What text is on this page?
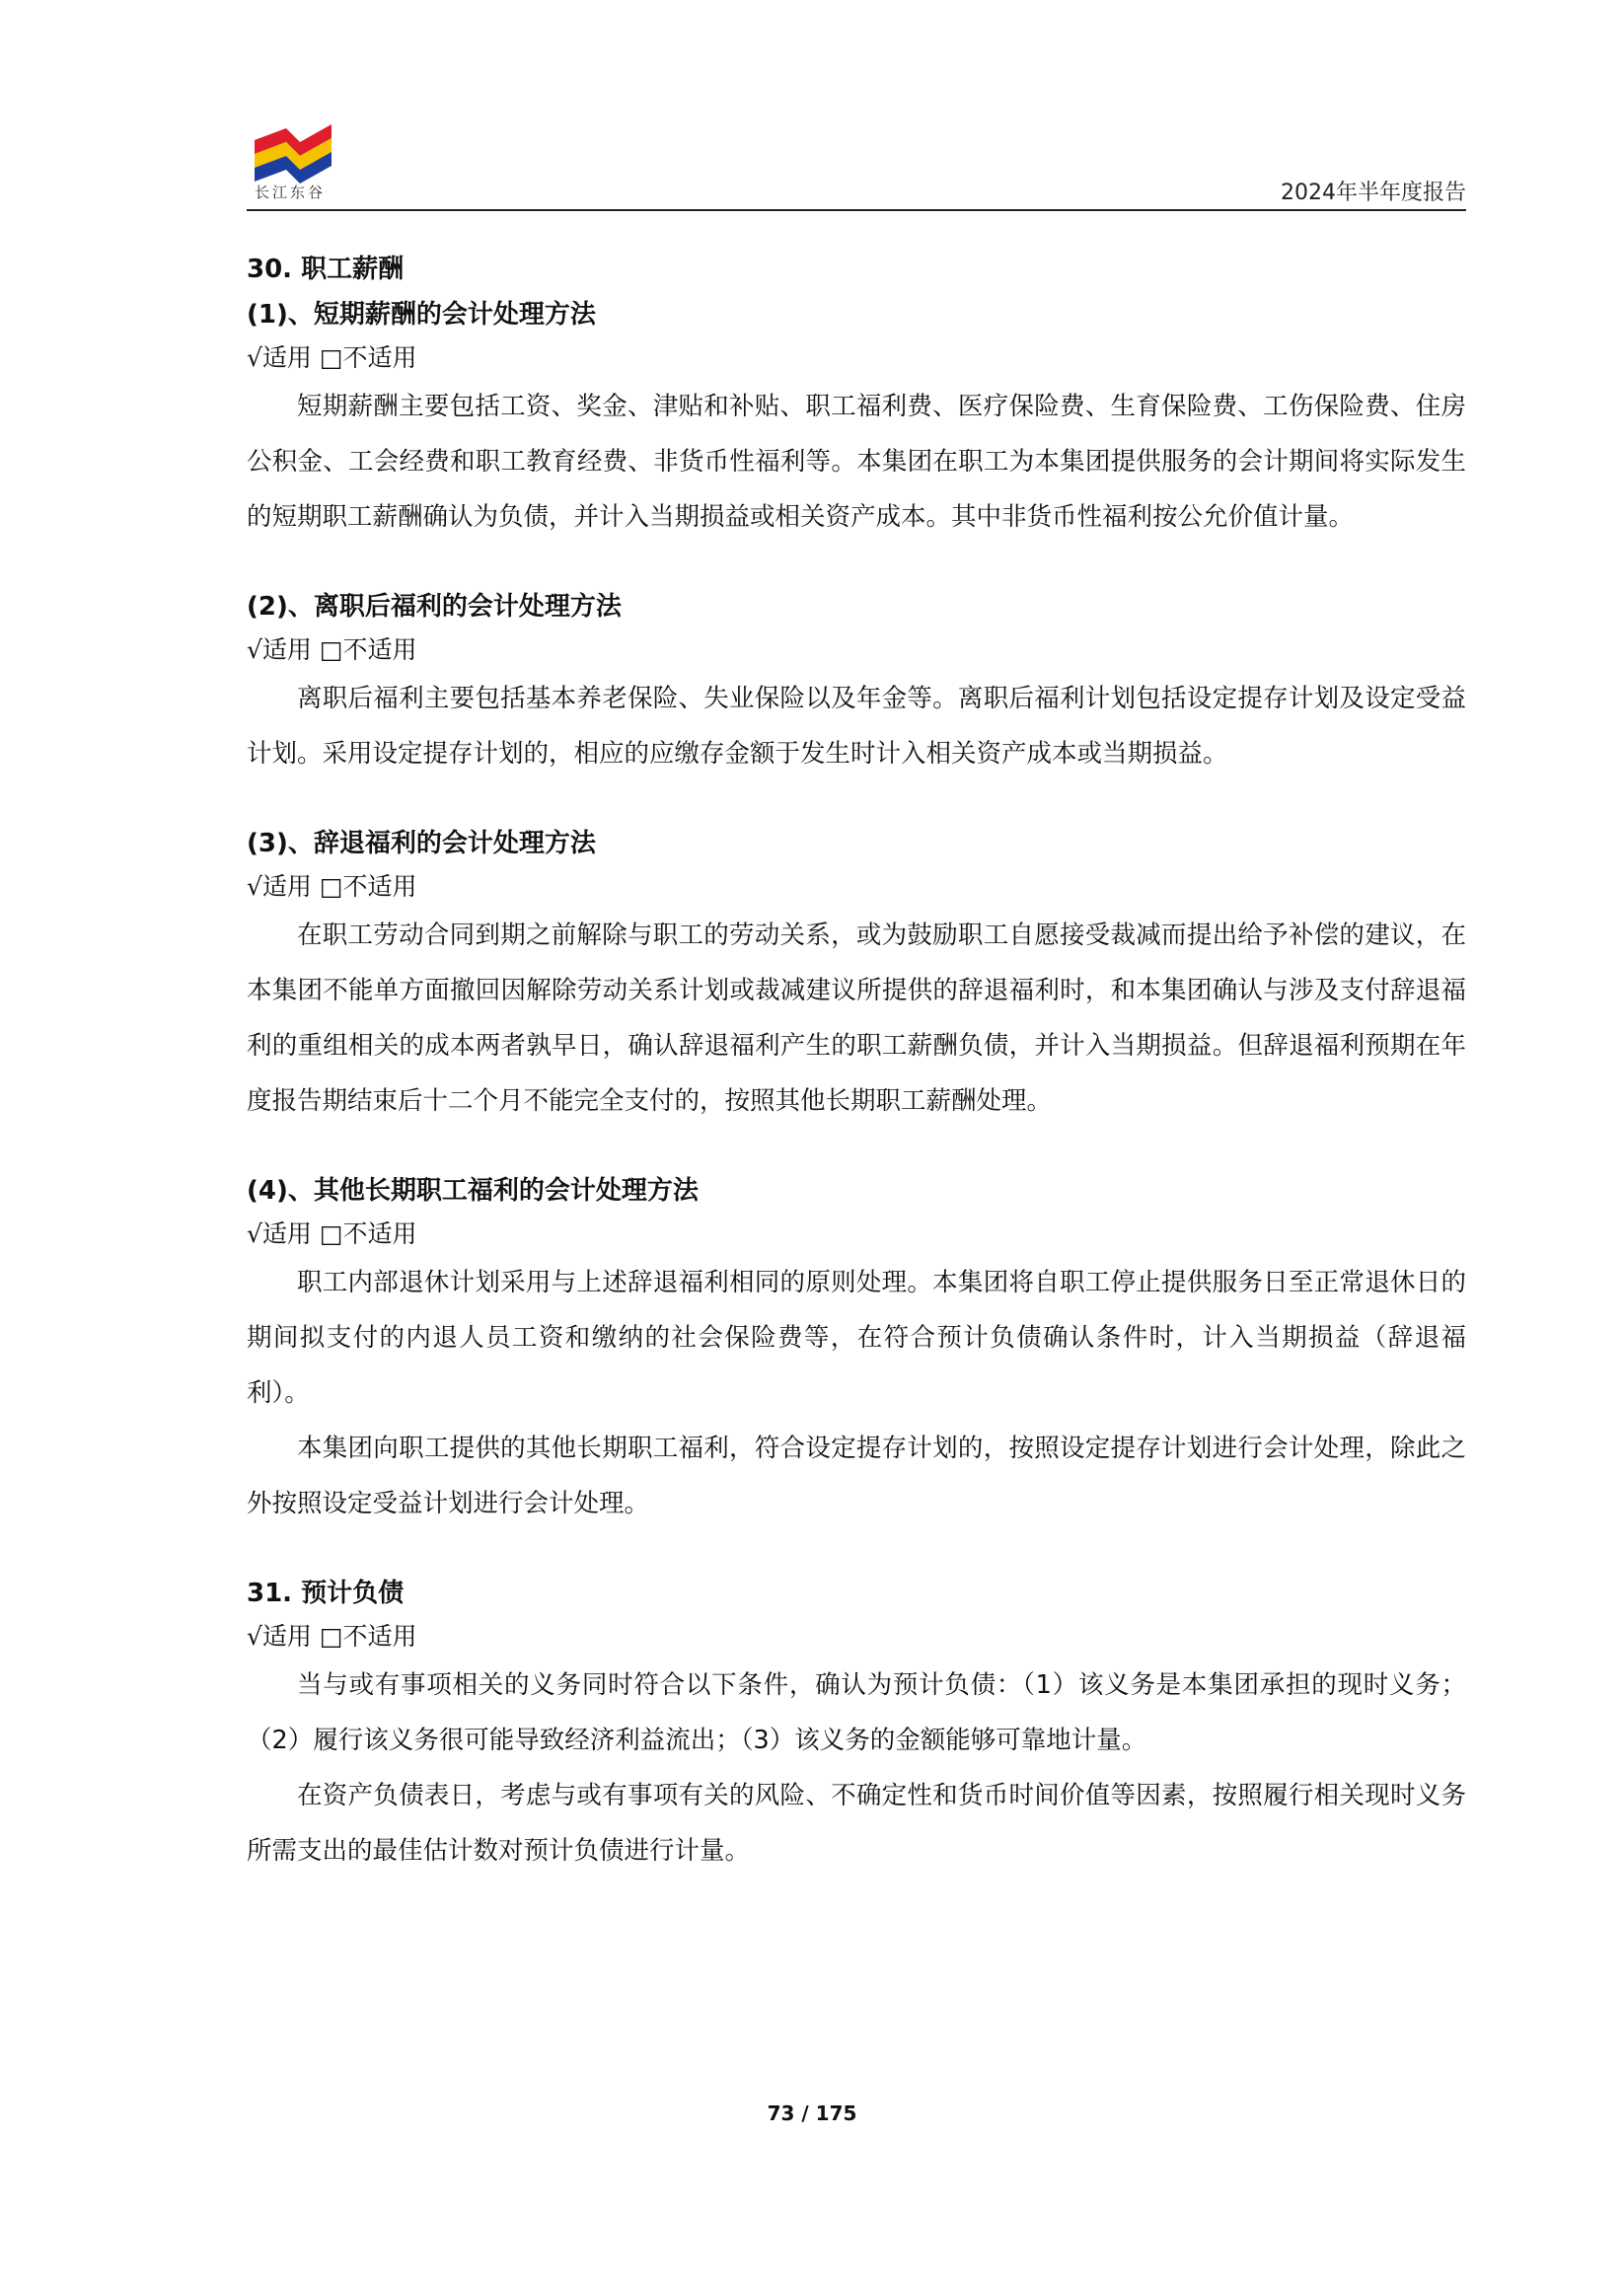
长江东谷	2024年半年度报告

30. 职工薪酬

(1)、短期薪酬的会计处理方法

√适用 □不适用

短期薪酬主要包括工资、奖金、津贴和补贴、职工福利费、医疗保险费、生育保险费、工伤保险费、住房公积金、工会经费和职工教育经费、非货币性福利等。本集团在职工为本集团提供服务的会计期间将实际发生的短期职工薪酬确认为负债，并计入当期损益或相关资产成本。其中非货币性福利按公允价值计量。

(2)、离职后福利的会计处理方法

√适用 □不适用

离职后福利主要包括基本养老保险、失业保险以及年金等。离职后福利计划包括设定提存计划及设定受益计划。采用设定提存计划的，相应的应缴存金额于发生时计入相关资产成本或当期损益。

(3)、辞退福利的会计处理方法

√适用 □不适用

在职工劳动合同到期之前解除与职工的劳动关系，或为鼓励职工自愿接受裁减而提出给予补偿的建议，在本集团不能单方面撤回因解除劳动关系计划或裁减建议所提供的辞退福利时，和本集团确认与涉及支付辞退福利的重组相关的成本两者孰早日，确认辞退福利产生的职工薪酬负债，并计入当期损益。但辞退福利预期在年度报告期结束后十二个月不能完全支付的，按照其他长期职工薪酬处理。

(4)、其他长期职工福利的会计处理方法

√适用 □不适用

职工内部退休计划采用与上述辞退福利相同的原则处理。本集团将自职工停止提供服务日至正常退休日的期间拟支付的内退人员工资和缴纳的社会保险费等，在符合预计负债确认条件时，计入当期损益（辞退福利）。

本集团向职工提供的其他长期职工福利，符合设定提存计划的，按照设定提存计划进行会计处理，除此之外按照设定受益计划进行会计处理。

31. 预计负债

√适用 □不适用

当与或有事项相关的义务同时符合以下条件，确认为预计负债：（1）该义务是本集团承担的现时义务；（2）履行该义务很可能导致经济利益流出；（3）该义务的金额能够可靠地计量。

在资产负债表日，考虑与或有事项有关的风险、不确定性和货币时间价值等因素，按照履行相关现时义务所需支出的最佳估计数对预计负债进行计量。

73 / 175
